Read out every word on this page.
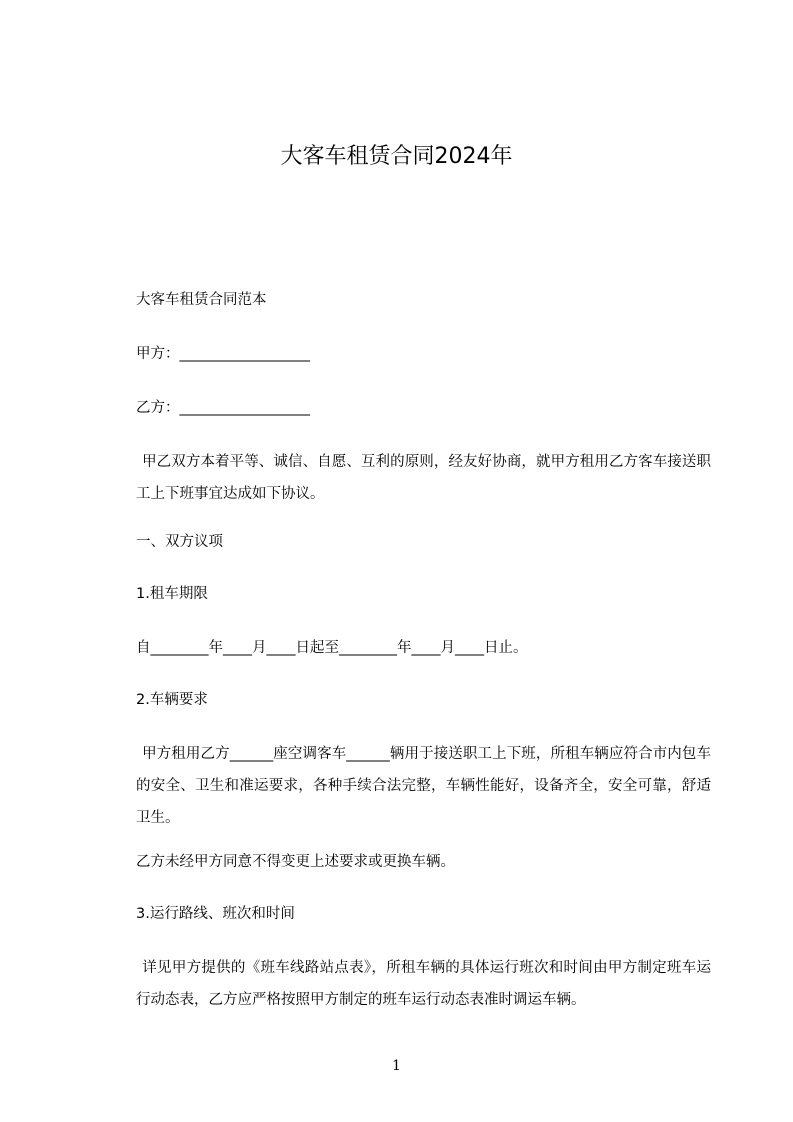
大客车租赁合同2024年
大客车租赁合同范本
甲方：__________________
乙方：__________________
甲乙双方本着平等、诚信、自愿、互利的原则，经友好协商，就甲方租用乙方客车接送职工上下班事宜达成如下协议。
一、双方议项
1.租车期限
自________年____月____日起至________年____月____日止。
2.车辆要求
甲方租用乙方______座空调客车______辆用于接送职工上下班，所租车辆应符合市内包车的安全、卫生和准运要求，各种手续合法完整，车辆性能好，设备齐全，安全可靠，舒适卫生。
乙方未经甲方同意不得变更上述要求或更换车辆。
3.运行路线、班次和时间
详见甲方提供的《班车线路站点表》，所租车辆的具体运行班次和时间由甲方制定班车运行动态表，乙方应严格按照甲方制定的班车运行动态表准时调运车辆。
1
